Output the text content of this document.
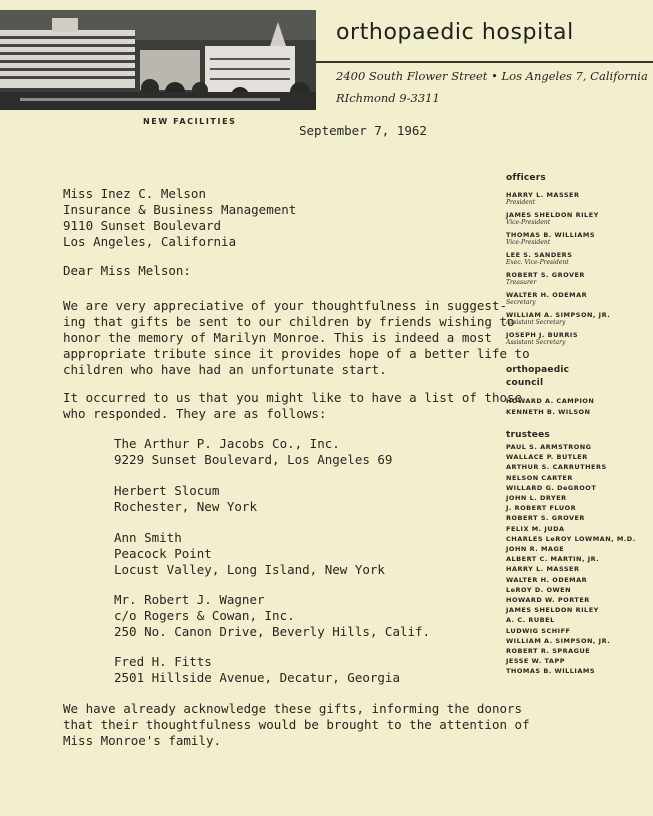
NEW FACILITIES
orthopaedic hospital
2400 South Flower Street • Los Angeles 7, California
RIchmond 9-3311
September 7, 1962
Miss Inez C. Melson
Insurance & Business Management
9110 Sunset Boulevard
Los Angeles, California
Dear Miss Melson:
We are very appreciative of your thoughtfulness in suggest-
ing that gifts be sent to our children by friends wishing to
honor the memory of Marilyn Monroe. This is indeed a most
appropriate tribute since it provides hope of a better life to
children who have had an unfortunate start.
It occurred to us that you might like to have a list of those
who responded. They are as follows:
The Arthur P. Jacobs Co., Inc.
9229 Sunset Boulevard, Los Angeles 69
Herbert Slocum
Rochester, New York
Ann Smith
Peacock Point
Locust Valley, Long Island, New York
Mr. Robert J. Wagner
c/o Rogers & Cowan, Inc.
250 No. Canon Drive, Beverly Hills, Calif.
Fred H. Fitts
2501 Hillside Avenue, Decatur, Georgia
We have already acknowledge these gifts, informing the donors
that their thoughtfulness would be brought to the attention of
Miss Monroe's family.
officers
HARRY L. MASSER
President
JAMES SHELDON RILEY
Vice-President
THOMAS B. WILLIAMS
Vice-President
LEE S. SANDERS
Exec. Vice-President
ROBERT S. GROVER
Treasurer
WALTER H. ODEMAR
Secretary
WILLIAM A. SIMPSON, JR.
Assistant Secretary
JOSEPH J. BURRIS
Assistant Secretary
orthopaedic
council
HOWARD A. CAMPION
KENNETH B. WILSON
trustees
PAUL S. ARMSTRONG
WALLACE P. BUTLER
ARTHUR S. CARRUTHERS
NELSON CARTER
WILLARD G. DeGROOT
JOHN L. DRYER
J. ROBERT FLUOR
ROBERT S. GROVER
FELIX M. JUDA
CHARLES LeROY LOWMAN, M.D.
JOHN R. MAGE
ALBERT C. MARTIN, JR.
HARRY L. MASSER
WALTER H. ODEMAR
LeROY D. OWEN
HOWARD W. PORTER
JAMES SHELDON RILEY
A. C. RUBEL
LUDWIG SCHIFF
WILLIAM A. SIMPSON, JR.
ROBERT R. SPRAGUE
JESSE W. TAPP
THOMAS B. WILLIAMS
